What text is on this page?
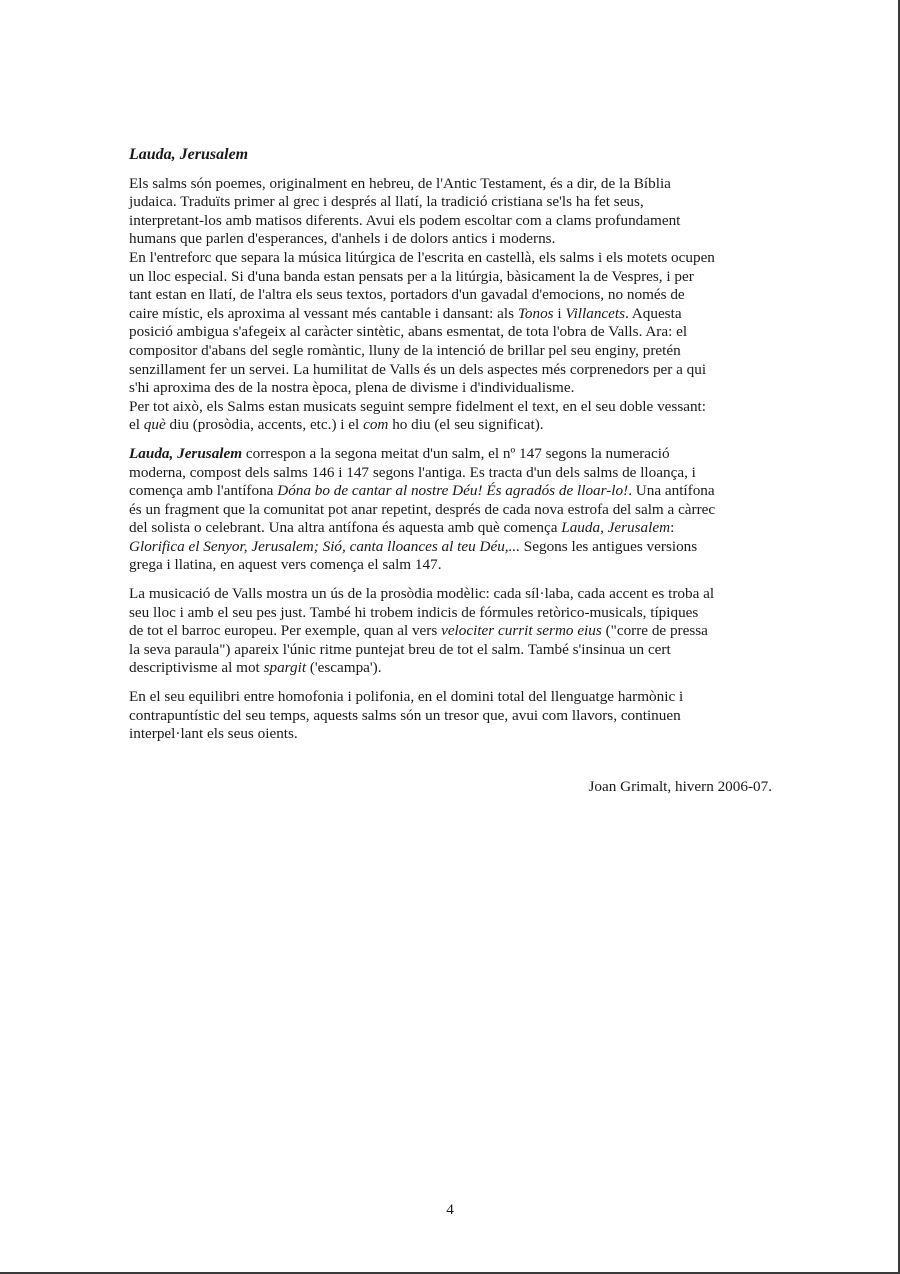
Lauda, Jerusalem

Els salms són poemes, originalment en hebreu, de l'Antic Testament, és a dir, de la Bíblia
judaica. Traduïts primer al grec i després al llatí, la tradició cristiana se'ls ha fet seus,
interpretant-los amb matisos diferents. Avui els podem escoltar com a clams profundament
humans que parlen d'esperances, d'anhels i de dolors antics i moderns.
En l'entreforc que separa la música litúrgica de l'escrita en castellà, els salms i els motets ocupen
un lloc especial. Si d'una banda estan pensats per a la litúrgia, bàsicament la de Vespres, i per
tant estan en llatí, de l'altra els seus textos, portadors d'un gavadal d'emocions, no només de
caire místic, els aproxima al vessant més cantable i dansant: als Tonos i Villancets. Aquesta
posició ambigua s'afegeix al caràcter sintètic, abans esmentat, de tota l'obra de Valls. Ara: el
compositor d'abans del segle romàntic, lluny de la intenció de brillar pel seu enginy, pretén
senzillament fer un servei. La humilitat de Valls és un dels aspectes més corprenedors per a qui
s'hi aproxima des de la nostra època, plena de divisme i d'individualisme.
Per tot això, els Salms estan musicats seguint sempre fidelment el text, en el seu doble vessant:
el què diu (prosòdia, accents, etc.) i el com ho diu (el seu significat).

Lauda, Jerusalem correspon a la segona meitat d'un salm, el nº 147 segons la numeració
moderna, compost dels salms 146 i 147 segons l'antiga. Es tracta d'un dels salms de lloança, i
comença amb l'antífona Dóna bo de cantar al nostre Déu! És agradós de lloar-lo!. Una antífona
és un fragment que la comunitat pot anar repetint, després de cada nova estrofa del salm a càrrec
del solista o celebrant. Una altra antífona és aquesta amb què comença Lauda, Jerusalem:
Glorifica el Senyor, Jerusalem; Sió, canta lloances al teu Déu,... Segons les antigues versions
grega i llatina, en aquest vers comença el salm 147.

La musicació de Valls mostra un ús de la prosòdia modèlic: cada síl·laba, cada accent es troba al
seu lloc i amb el seu pes just. També hi trobem indicis de fórmules retòrico-musicals, típiques
de tot el barroc europeu. Per exemple, quan al vers velociter currit sermo eius ("corre de pressa
la seva paraula") apareix l'únic ritme puntejat breu de tot el salm. També s'insinua un cert
descriptivisme al mot spargit ('escampa').

En el seu equilibri entre homofonia i polifonia, en el domini total del llenguatge harmònic i
contrapuntístic del seu temps, aquests salms són un tresor que, avui com llavors, continuen
interpel·lant els seus oients.

Joan Grimalt, hivern 2006-07.
4
